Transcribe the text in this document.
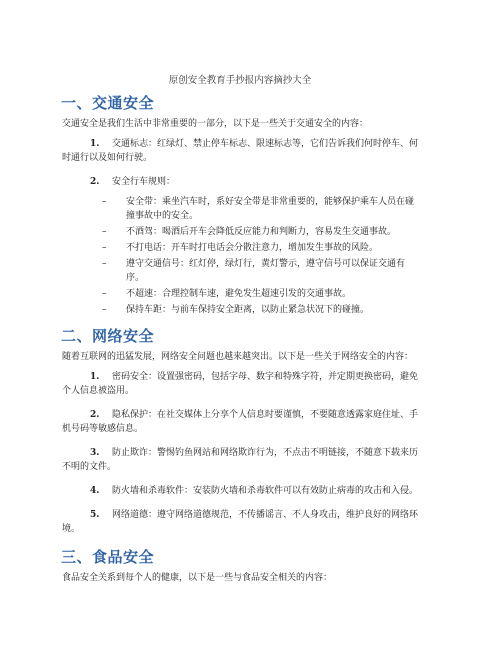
原创安全教育手抄报内容摘抄大全
一、交通安全

交通安全是我们生活中非常重要的一部分，以下是一些关于交通安全的内容：

1. 交通标志：红绿灯、禁止停车标志、限速标志等，它们告诉我们何时停车、何时通行以及如何行驶。
2. 安全行车规则：
– 安全带：乘坐汽车时，系好安全带是非常重要的，能够保护乘车人员在碰撞事故中的安全。
– 不酒驾：喝酒后开车会降低反应能力和判断力，容易发生交通事故。
– 不打电话：开车时打电话会分散注意力，增加发生事故的风险。
– 遵守交通信号：红灯停，绿灯行，黄灯警示，遵守信号可以保证交通有序。
– 不超速：合理控制车速，避免发生超速引发的交通事故。
– 保持车距：与前车保持安全距离，以防止紧急状况下的碰撞。
二、网络安全

随着互联网的迅猛发展，网络安全问题也越来越突出。以下是一些关于网络安全的内容：

1. 密码安全：设置强密码，包括字母、数字和特殊字符，并定期更换密码，避免个人信息被盗用。
2. 隐私保护：在社交媒体上分享个人信息时要谨慎，不要随意透露家庭住址、手机号码等敏感信息。
3. 防止欺诈：警惕钓鱼网站和网络欺诈行为，不点击不明链接，不随意下载来历不明的文件。
4. 防火墙和杀毒软件：安装防火墙和杀毒软件可以有效防止病毒的攻击和入侵。
5. 网络道德：遵守网络道德规范，不传播谣言、不人身攻击，维护良好的网络环境。
三、食品安全

食品安全关系到每个人的健康，以下是一些与食品安全相关的内容：
